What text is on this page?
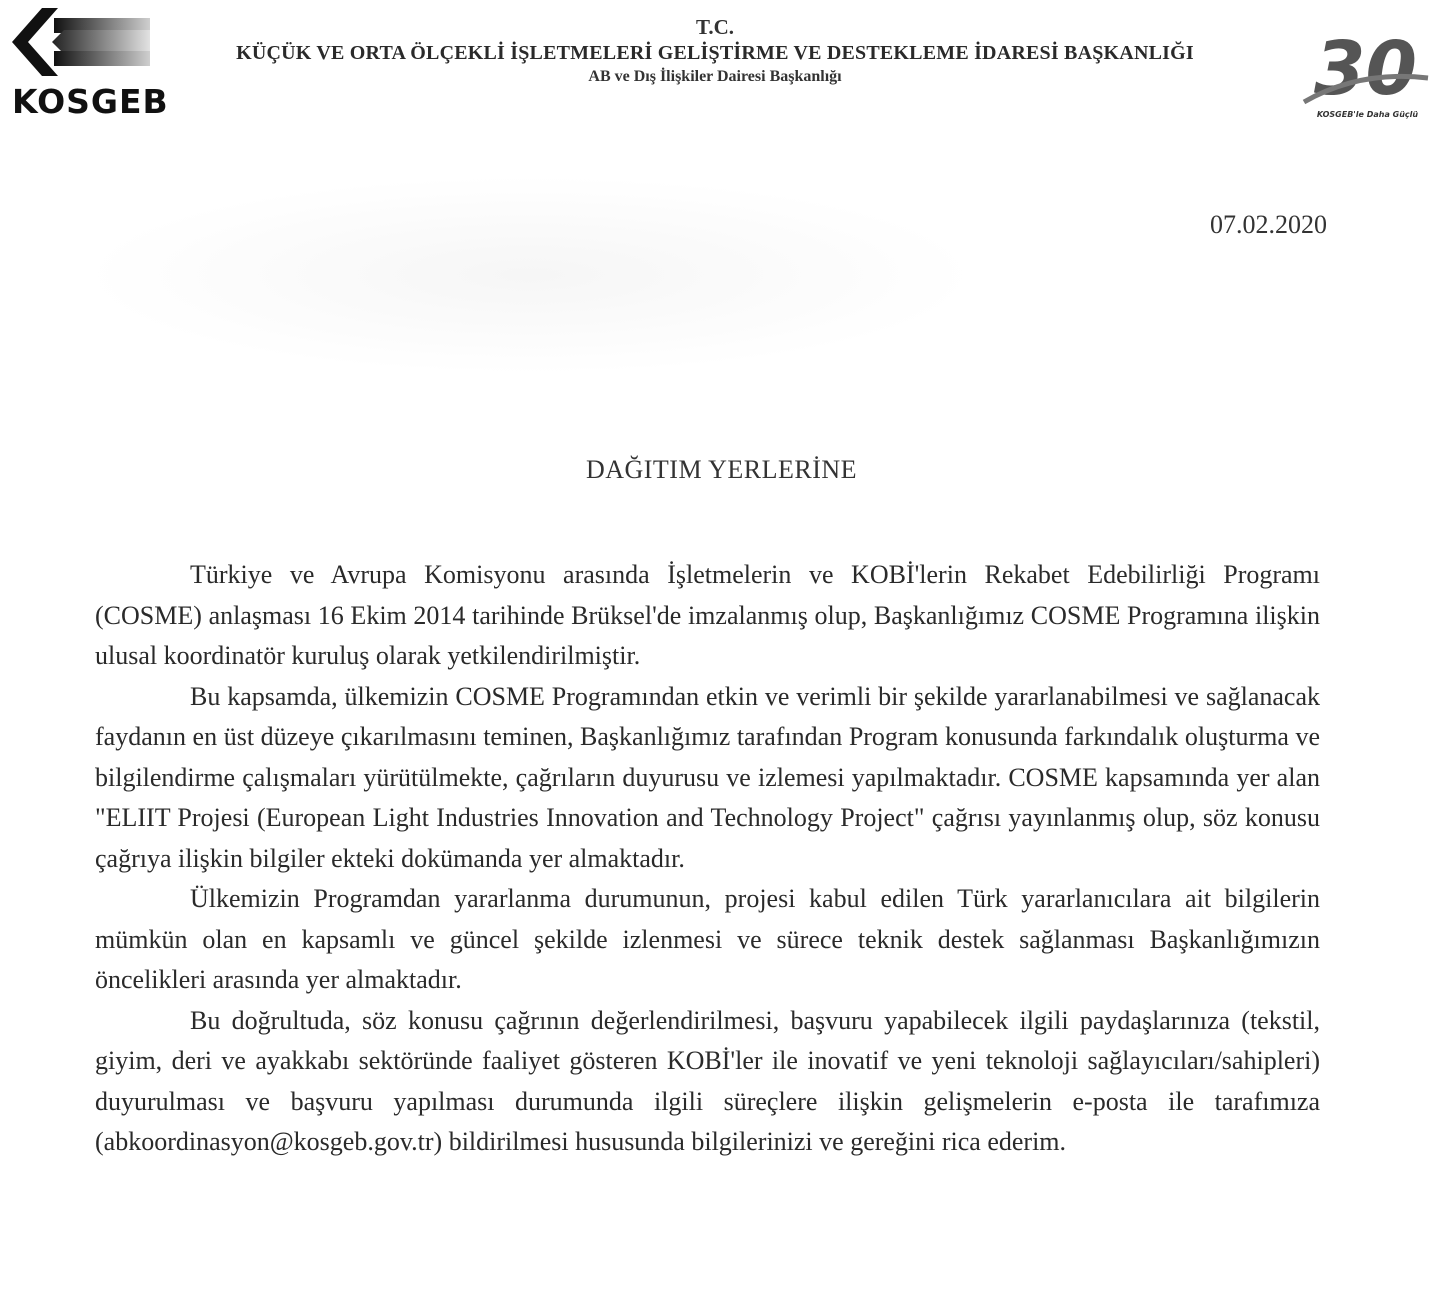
KOSGEB
T.C.
KÜÇÜK VE ORTA ÖLÇEKLİ İŞLETMELERİ GELİŞTİRME VE DESTEKLEME İDARESİ BAŞKANLIĞI
AB ve Dış İlişkiler Dairesi Başkanlığı	30
KOSGEB'le Daha Güçlü
07.02.2020
DAĞITIM YERLERİNE

Türkiye ve Avrupa Komisyonu arasında İşletmelerin ve KOBİ'lerin Rekabet Edebilirliği Programı (COSME) anlaşması 16 Ekim 2014 tarihinde Brüksel'de imzalanmış olup, Başkanlığımız COSME Programına ilişkin ulusal koordinatör kuruluş olarak yetkilendirilmiştir.

Bu kapsamda, ülkemizin COSME Programından etkin ve verimli bir şekilde yararlanabilmesi ve sağlanacak faydanın en üst düzeye çıkarılmasını teminen, Başkanlığımız tarafından Program konusunda farkındalık oluşturma ve bilgilendirme çalışmaları yürütülmekte, çağrıların duyurusu ve izlemesi yapılmaktadır. COSME kapsamında yer alan "ELIIT Projesi (European Light Industries Innovation and Technology Project" çağrısı yayınlanmış olup, söz konusu çağrıya ilişkin bilgiler ekteki dokümanda yer almaktadır.

Ülkemizin Programdan yararlanma durumunun, projesi kabul edilen Türk yararlanıcılara ait bilgilerin mümkün olan en kapsamlı ve güncel şekilde izlenmesi ve sürece teknik destek sağlanması Başkanlığımızın öncelikleri arasında yer almaktadır.

Bu doğrultuda, söz konusu çağrının değerlendirilmesi, başvuru yapabilecek ilgili paydaşlarınıza (tekstil, giyim, deri ve ayakkabı sektöründe faaliyet gösteren KOBİ'ler ile inovatif ve yeni teknoloji sağlayıcıları/sahipleri) duyurulması ve başvuru yapılması durumunda ilgili süreçlere ilişkin gelişmelerin e-posta ile tarafımıza (abkoordinasyon@kosgeb.gov.tr) bildirilmesi hususunda bilgilerinizi ve gereğini rica ederim.
